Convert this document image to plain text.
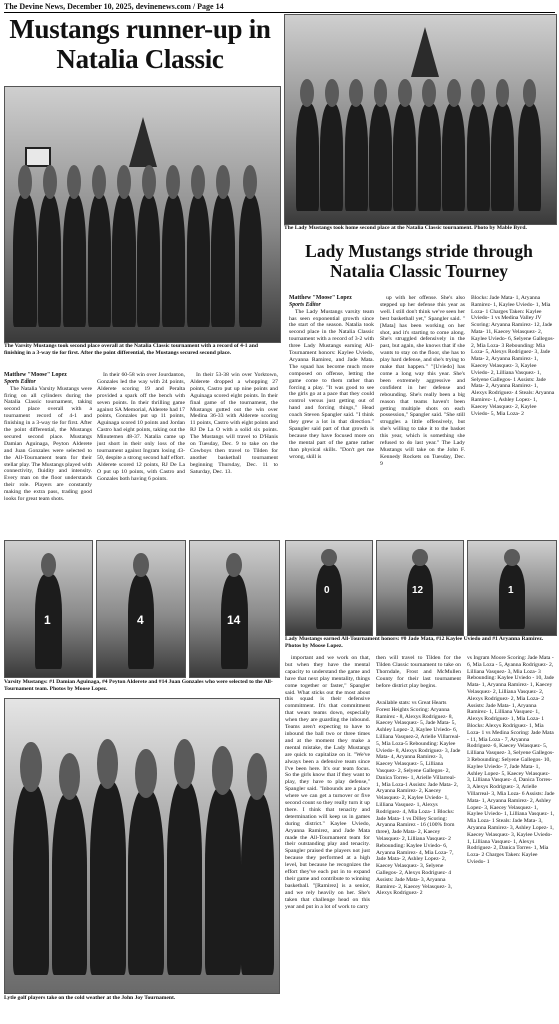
The Devine News, December 10, 2025, devinenews.com / Page 14
Mustangs runner-up in Natalia Classic
Lady Mustangs stride through Natalia Classic Tourney
The Lady Mustangs took home second place at the Natalia Classic tournament. Photo by Mable Byrd.
The Varsity Mustangs took second place overall at the Natalia Classic tournament with a record of 4-1 and finishing in a 3-way tie for first. After the point differential, the Mustangs secured second place.
Matthew "Moose" Lopez
Sports Editor

The Natalia Varsity Mustangs were firing on all cylinders during the Natalia Classic tournament, taking second place overall with a tournament record of 4-1 and finishing in a 3-way tie for first. After the point differential, the Mustangs secured second place. Mustangs Damian Aguinaga, Peyton Alderete and Juan Gonzales were selected to the All-Tournament team for their stellar play. The Mustangs played with connectivity, fluidity and intensity. Every man on the floor understands their role. Players are constantly making the extra pass, trading good looks for great team shots.

In their 60-58 win over Jourdanton, Gonzales led the way with 24 points, Alderete scoring 19 and Peralta provided a spark off the bench with seven points. In their thrilling game against SA Memorial, Alderete had 17 points, Gonzales put up 11 points, Aguinaga scored 10 points and Jordan Castro had eight points, taking out the Minutemen 48-37. Natalia came up just short in their only loss of the tournament against Ingram losing 43-50, despite a strong second half effort. Alderete scored 12 points, RJ De La O put up 10 points, with Castro and Gonzales both having 6 points.

In their 53-38 win over Yorktown, Alderete dropped a whopping 27 points, Castro put up nine points and Aguinaga scored eight points. In their final game of the tournament, the Mustangs gutted out the win over Medina 36-33 with Alderete scoring 11 points, Castro with eight points and RJ De La O with a solid six points. The Mustangs will travel to D'Hanis on Tuesday, Dec. 9 to take on the Cowboys then travel to Tilden for another basketball tournament beginning Thursday, Dec. 11 to Saturday, Dec. 13.

Matthew "Moose" Lopez
Sports Editor

The Lady Mustangs varsity team has seen exponential growth since the start of the season. Natalia took second place in the Natalia Classic tournament with a record of 3-2 with three Lady Mustangs earning All-Tournament honors: Kaylee Uviedo, Aryanna Ramirez, and Jade Mata. The squad has become much more composed on offense, letting the game come to them rather than forcing a play. "It was good to see the girls go at a pace that they could control versus just getting out of hand and forcing things," Head coach Steven Spangler said. "I think they grew a lot in that direction." Spangler said part of that growth is because they have focused more on the mental part of the game rather than physical skills. "Don't get me wrong, skill is

up with her offense. She's also stepped up her defense this year as well. I still don't think we've seen her best basketball yet," Spangler said. "[Mata] has been working on her shot, and it's starting to come along. She's struggled defensively in the past, but again, she knows that if she wants to stay on the floor, she has to play hard defense, and she's trying to make that happen." "[Uviedo] has come a long way this year. She's been extremely aggressive and confident in her defense and rebounding. She's really been a big reason that teams haven't been getting multiple shots on each possession," Spangler said. "She still struggles a little offensively, but she's willing to take it to the basket this year, which is something she refused to do last year." The Lady Mustangs will take on the John F. Kennedy Rockets on Tuesday, Dec. 9

Blocks: Jade Mata- 1, Aryanna Ramirez- 1, Kaylee Uviedo- 1, Mia Loza- 1 Charges Taken: Kaylee Uviedo- 1 vs Medina Valley JV Scoring: Aryanna Ramirez- 12, Jade Mata- 11, Kaecey Velasquez- 2, Kaylee Uviedo- 6, Selyene Gallegos- 2, Mia Loza- 3 Rebounding: Mia Loza- 5, Alexys Rodriguez- 3, Jade Mata- 2, Aryanna Ramirez- 1, Kaecey Velasquez- 3, Kaylee Uviedo- 2, Lilliana Vasquez- 1, Selyene Gallegos- 1 Assists: Jade Mata- 2, Aryanna Ramirez- 1, Alexys Rodriguez- 4 Steals: Aryanna Ramirez- 1, Ashley Lopez- 1, Kaecey Velasquez- 2, Kaylee Uviedo- 5, Mia Loza- 2
1	4	14
Varsity Mustangs: #1 Damian Aguinaga, #4 Peyton Alderete and #14 Juan Gonzales who were selected to the All-Tournament team. Photos by Moose Lopez.
0	12	1
Lady Mustangs earned All-Tournament honors: #0 Jade Mata, #12 Kaylee Uviedo and #1 Aryanna Ramirez. Photos by Moose Lopez.
Lytle golf players take on the cold weather at the John Joy Tournament.

important and we work on that, but when they have the mental capacity to understand the game and have that next play mentality, things come together or faster," Spangler said. What sticks out the most about this squad is their defensive commitment. It's that commitment that wears teams down, especially when they are guarding the inbound. Teams aren't expecting to have to inbound the ball two or three times and at the moment they make a mental mistake, the Lady Mustangs are quick to capitalize on it. "We've always been a defensive team since I've been here. It's our team focus. So the girls know that if they want to play, they have to play defense," Spangler said. "Inbounds are a place where we can get a turnover or five second count so they really turn it up there. I think that tenacity and determination will keep us in games during district." Kaylee Uviedo, Aryanna Ramirez, and Jade Mata made the All-Tournament team for their outstanding play and tenacity. Spangler praised the players not just because they performed at a high level, but because he recognizes the effort they've each put in to expand their game and contribute to winning basketball. "[Ramirez] is a senior, and we rely heavily on her. She's taken that challenge head on this year and put in a lot of work to carry

then will travel to Tilden for the Tilden Classic tournament to take on Thorndale, Frost and McMullen County for their last tournament before district play begins.
Available stats: vs Great Hearts Forest Heights Scoring: Aryanna Ramirez - 8, Alexys Rodriguez- 8, Kaecey Velasquez- 5, Jade Mata- 5, Ashley Lopez- 2, Kaylee Uviedo- 6, Lilliana Vasquez-2, Arielle Villarreal- 5, Mia Loza-5 Rebounding: Kaylee Uviedo- 8, Alexys Rodriguez- 3, Jade Mata- 4, Aryanna Ramirez- 3, Kaecey Velasquez- 5, Lilliana Vasquez- 2, Selyene Gallegos- 2, Danica Torres- 1, Arielle Villarreal- 1, Mia Loza-1 Assists: Jade Mata- 2, Aryanna Ramirez- 2, Kaecey Velasquez- 2, Kaylee Uviedo- 1, Lilliana Vasquez- 1, Alexys Rodriguez- 4, Mia Loza- 1 Blocks: Jade Mata- 1 vs Dilley Scoring: Aryanna Ramirez - 16 (100% from three), Jade Mata- 2, Kaecey Velasquez- 2, Lilliana Vasquez- 2 Rebounding: Kaylee Uviedo- 6, Aryanna Ramirez- 4, Mia Loza- 7, Jade Mata- 2, Ashley Lopez- 2, Kaecey Velasquez- 3, Selyene Gallegos- 2, Alexys Rodriguez- 4 Assists: Jade Mata- 3, Aryanna Ramirez- 2, Kaecey Velasquez- 3, Alexys Rodriguez- 2
vs Ingram Moore Scoring: Jade Mata - 6, Mia Loza - 5, Ayanna Rodriguez- 2, Lilliana Vasquez- 3, Mia Loza- 3 Rebounding: Kaylee Uviedo - 10, Jade Mata- 1, Aryanna Ramirez- 1, Kaecey Velasquez- 2, Lilliana Vasquez- 2, Alexys Rodriguez- 2, Mia Loza- 2 Assists: Jade Mata- 1, Aryanna Ramirez- 1, Lilliana Vasquez- 1, Alexys Rodriguez- 1, Mia Loza- 1 Blocks: Alexys Rodriguez- 1, Mia Loza- 1 vs Medina Scoring: Jade Mata - 11, Mia Loza - 7, Aryanna Rodriguez- 6, Kaecey Velasquez- 5, Lilliana Vasquez- 3, Selyene Gallegos- 3 Rebounding: Selyene Gallegos- 10, Kaylee Uviedo- 7, Jade Mata- 1, Ashley Lopez- 5, Kaecey Velasquez- 3, Lilliana Vasquez- 4, Danica Torres- 3, Alexys Rodriguez- 3, Arielle Villarreal- 3, Mia Loza- 6 Assists: Jade Mata- 1, Aryanna Ramirez- 2, Ashley Lopez- 3, Kaecey Velasquez- 1, Kaylee Uviedo- 1, Lilliana Vasquez- 1, Mia Loza- 1 Steals: Jade Mata- 3, Aryanna Ramirez- 3, Ashley Lopez- 1, Kaecey Velasquez- 3, Kaylee Uviedo- 1, Lilliana Vasquez- 1, Alexys Rodriguez- 2, Danica Torres- 1, Mia Loza- 2 Charges Taken: Kaylee Uviedo- 1
